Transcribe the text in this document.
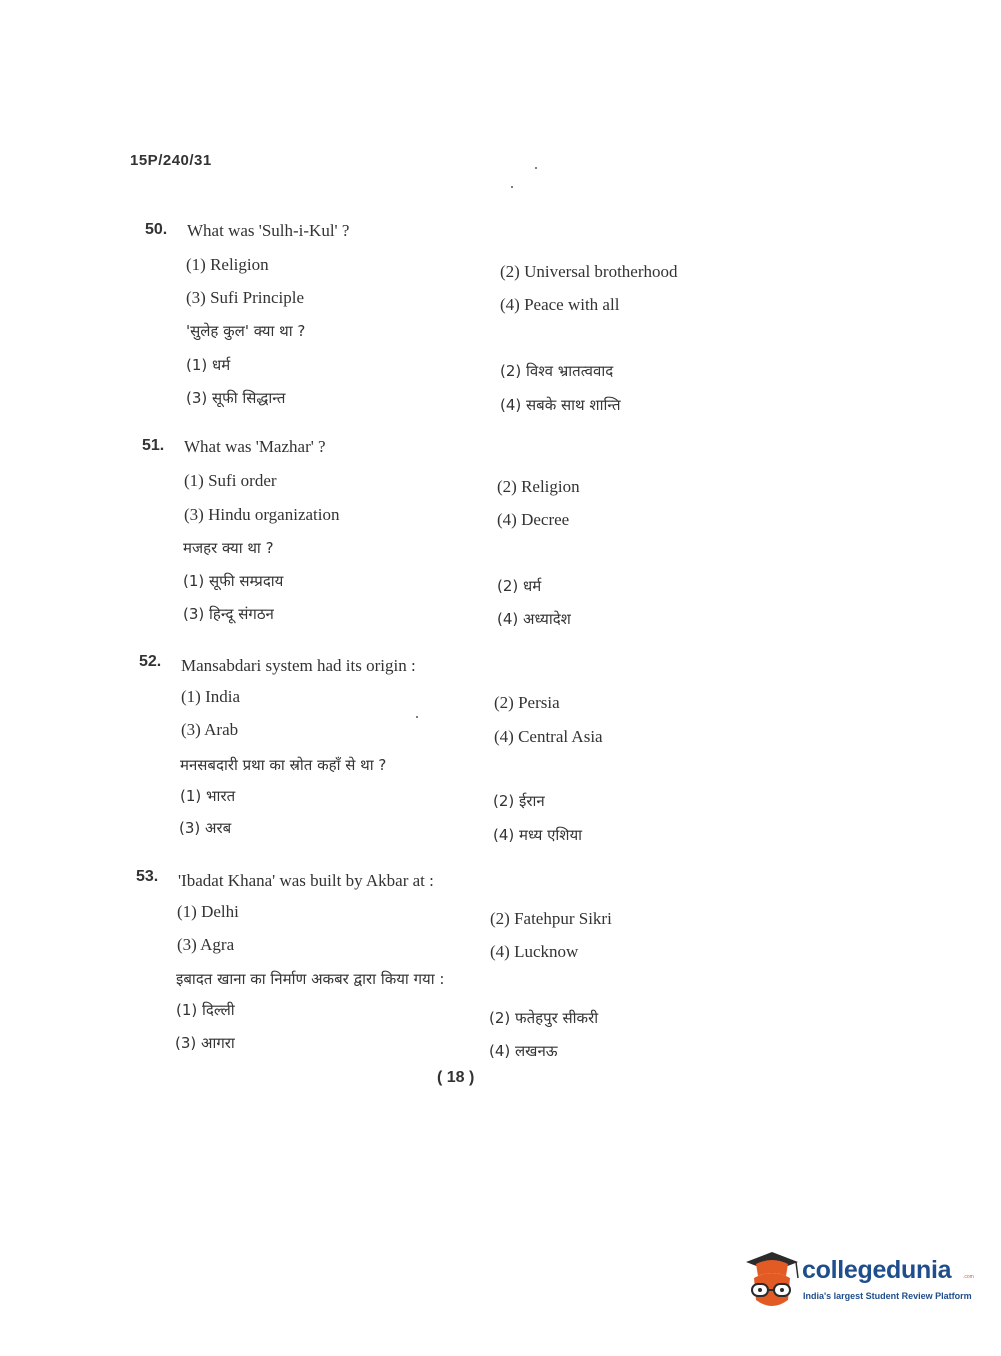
15P/240/31
50. What was 'Sulh-i-Kul' ?
(1) Religion	(2) Universal brotherhood
(3) Sufi Principle	(4) Peace with all
'सुलेह कुल' क्या था ?
(1) धर्म	(2) विश्व भ्रातत्ववाद
(3) सूफी सिद्धान्त	(4) सबके साथ शान्ति
51. What was 'Mazhar' ?
(1) Sufi order	(2) Religion
(3) Hindu organization	(4) Decree
मजहर क्या था ?
(1) सूफी सम्प्रदाय	(2) धर्म
(3) हिन्दू संगठन	(4) अध्यादेश
52. Mansabdari system had its origin :
(1) India	(2) Persia
(3) Arab	(4) Central Asia
मनसबदारी प्रथा का स्रोत कहाँ से था ?
(1) भारत	(2) ईरान
(3) अरब	(4) मध्य एशिया
53. 'Ibadat Khana' was built by Akbar at :
(1) Delhi	(2) Fatehpur Sikri
(3) Agra	(4) Lucknow
इबादत खाना का निर्माण अकबर द्वारा किया गया :
(1) दिल्ली	(2) फतेहपुर सीकरी
(3) आगरा	(4) लखनऊ
( 18 )
collegedunia .com
India's largest Student Review Platform
